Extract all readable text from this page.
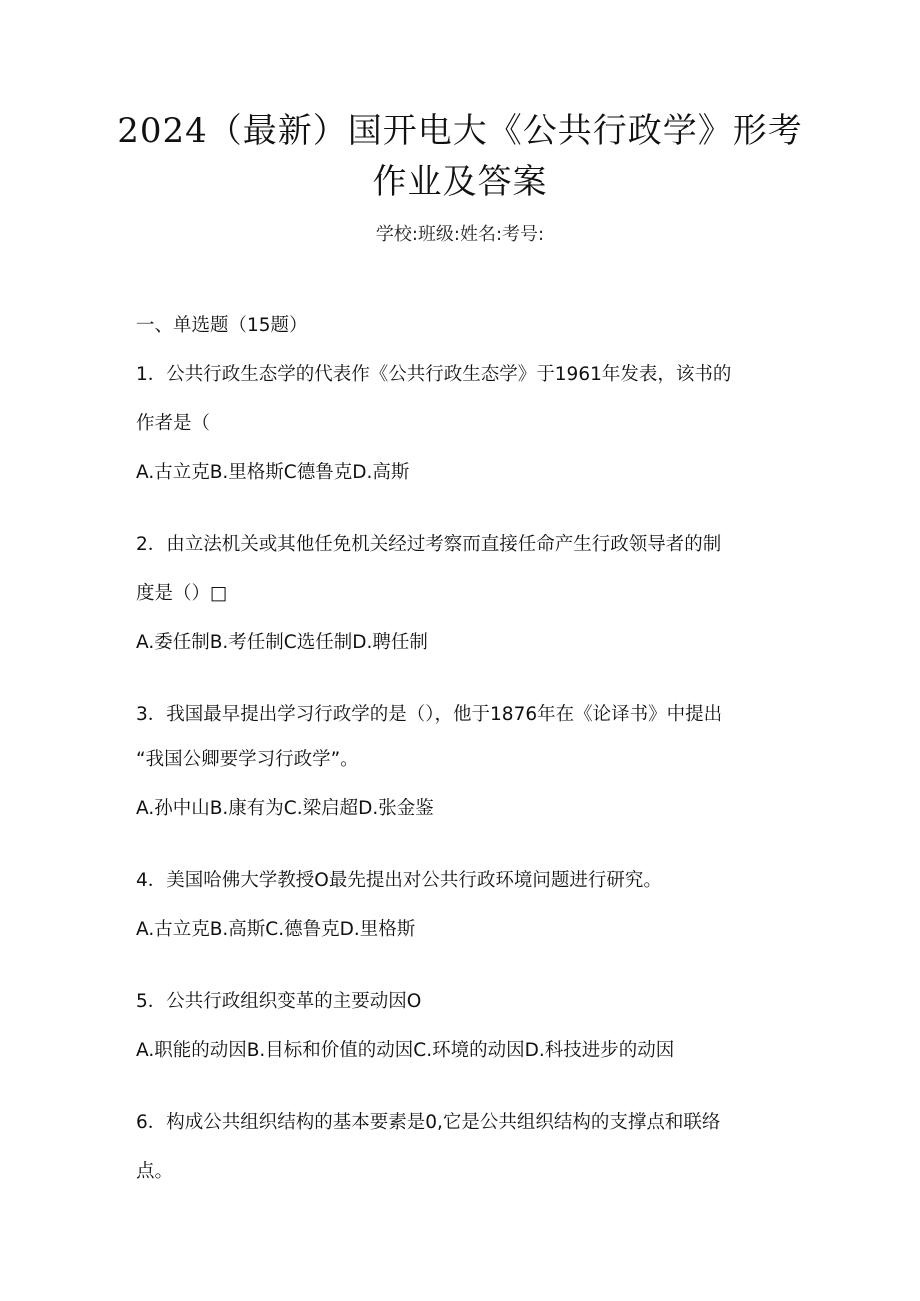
2024（最新）国开电大《公共行政学》形考
作业及答案
学校:班级:姓名:考号:
一、单选题（15题）
1．公共行政生态学的代表作《公共行政生态学》于1961年发表，该书的
作者是（
A.古立克B.里格斯C德鲁克D.高斯
2．由立法机关或其他任免机关经过考察而直接任命产生行政领导者的制
度是（）□
A.委任制B.考任制C选任制D.聘任制
3．我国最早提出学习行政学的是（），他于1876年在《论译书》中提出
“我国公卿要学习行政学”。
A.孙中山B.康有为C.梁启超D.张金鉴
4．美国哈佛大学教授O最先提出对公共行政环境问题进行研究。
A.古立克B.高斯C.德鲁克D.里格斯
5．公共行政组织变革的主要动因O
A.职能的动因B.目标和价值的动因C.环境的动因D.科技进步的动因
6．构成公共组织结构的基本要素是0,它是公共组织结构的支撑点和联络
点。
